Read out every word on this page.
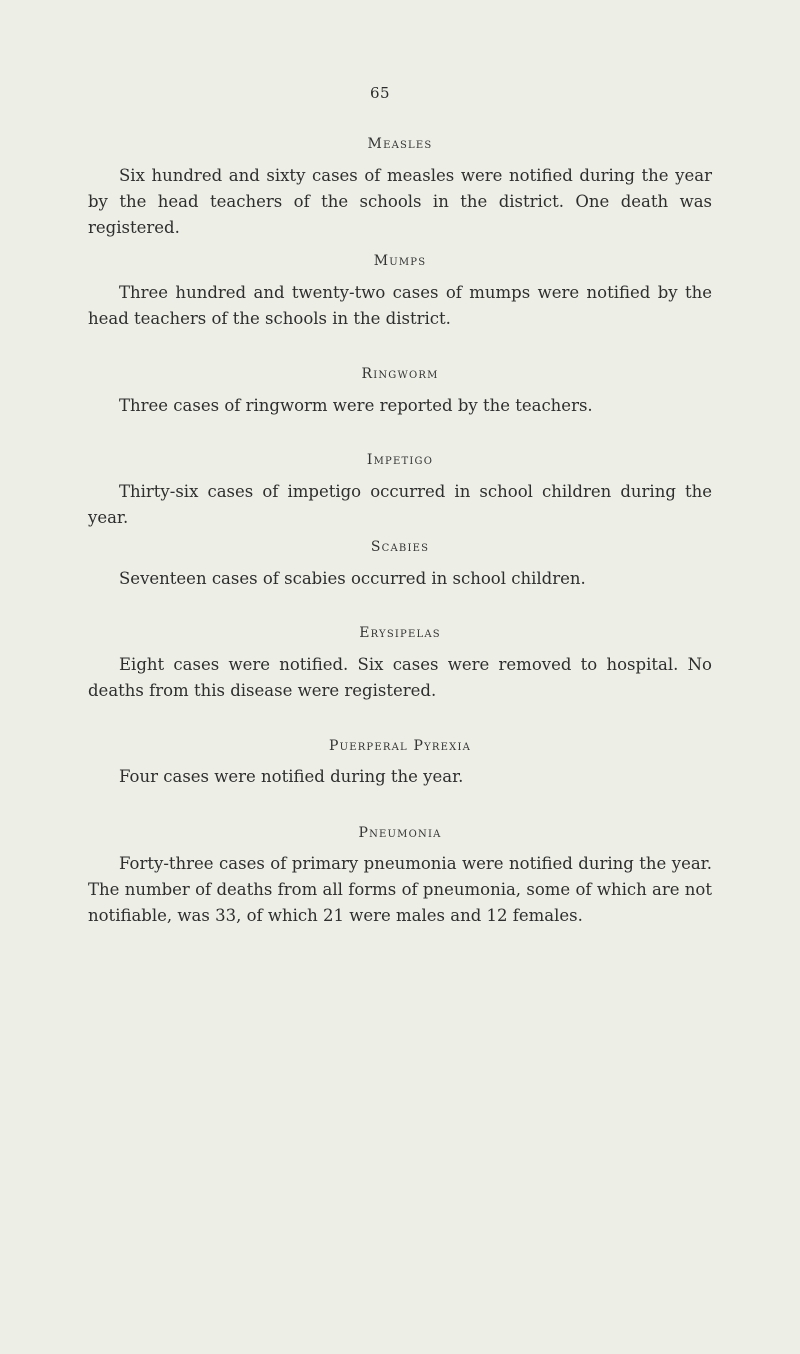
65
Measles
Six hundred and sixty cases of measles were notified during the year by the head teachers of the schools in the district. One death was registered.
Mumps
Three hundred and twenty-two cases of mumps were notified by the head teachers of the schools in the district.
Ringworm
Three cases of ringworm were reported by the teachers.
Impetigo
Thirty-six cases of impetigo occurred in school children during the year.
Scabies
Seventeen cases of scabies occurred in school children.
Erysipelas
Eight cases were notified. Six cases were removed to hospital. No deaths from this disease were registered.
Puerperal Pyrexia
Four cases were notified during the year.
Pneumonia
Forty-three cases of primary pneumonia were notified during the year. The number of deaths from all forms of pneumonia, some of which are not notifiable, was 33, of which 21 were males and 12 females.
